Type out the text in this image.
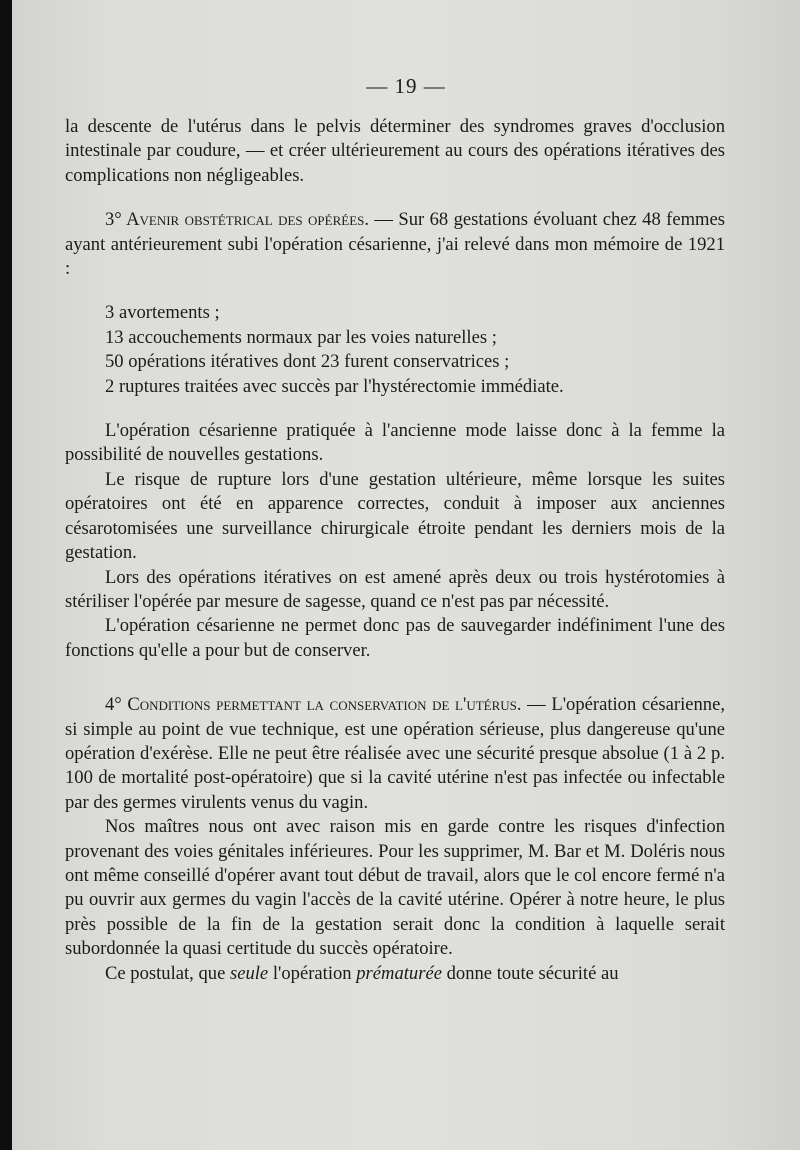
— 19 —

la descente de l'utérus dans le pelvis déterminer des syndromes graves d'occlusion intestinale par coudure, — et créer ultérieurement au cours des opérations itératives des complications non négligeables.

3° Avenir obstétrical des opérées. — Sur 68 gestations évoluant chez 48 femmes ayant antérieurement subi l'opération césarienne, j'ai relevé dans mon mémoire de 1921 :

3 avortements ;
13 accouchements normaux par les voies naturelles ;
50 opérations itératives dont 23 furent conservatrices ;
2 ruptures traitées avec succès par l'hystérectomie immédiate.

L'opération césarienne pratiquée à l'ancienne mode laisse donc à la femme la possibilité de nouvelles gestations.

Le risque de rupture lors d'une gestation ultérieure, même lorsque les suites opératoires ont été en apparence correctes, conduit à imposer aux anciennes césarotomisées une surveillance chirurgicale étroite pendant les derniers mois de la gestation.

Lors des opérations itératives on est amené après deux ou trois hystérotomies à stériliser l'opérée par mesure de sagesse, quand ce n'est pas par nécessité.

L'opération césarienne ne permet donc pas de sauvegarder indéfiniment l'une des fonctions qu'elle a pour but de conserver.

4° Conditions permettant la conservation de l'utérus. — L'opération césarienne, si simple au point de vue technique, est une opération sérieuse, plus dangereuse qu'une opération d'exérèse. Elle ne peut être réalisée avec une sécurité presque absolue (1 à 2 p. 100 de mortalité post-opératoire) que si la cavité utérine n'est pas infectée ou infectable par des germes virulents venus du vagin.

Nos maîtres nous ont avec raison mis en garde contre les risques d'infection provenant des voies génitales inférieures. Pour les supprimer, M. Bar et M. Doléris nous ont même conseillé d'opérer avant tout début de travail, alors que le col encore fermé n'a pu ouvrir aux germes du vagin l'accès de la cavité utérine. Opérer à notre heure, le plus près possible de la fin de la gestation serait donc la condition à laquelle serait subordonnée la quasi certitude du succès opératoire.

Ce postulat, que seule l'opération prématurée donne toute sécurité au
